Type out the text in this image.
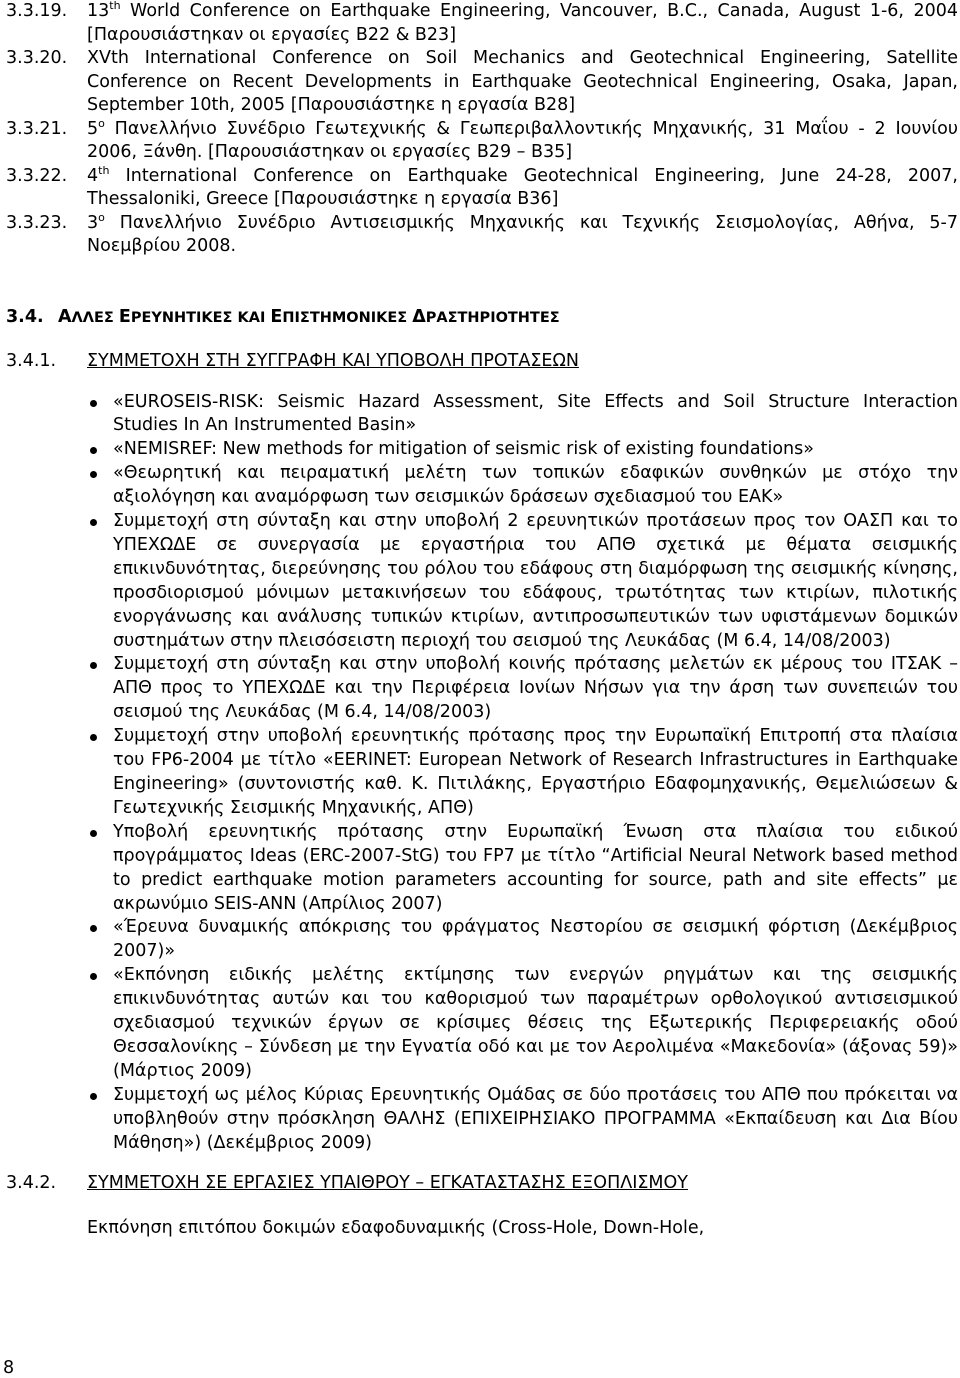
3.3.19. 13th World Conference on Earthquake Engineering, Vancouver, B.C., Canada, August 1-6, 2004 [Παρουσιάστηκαν οι εργασίες Β22 & Β23]
3.3.20. XVth International Conference on Soil Mechanics and Geotechnical Engineering, Satellite Conference on Recent Developments in Earthquake Geotechnical Engineering, Osaka, Japan, September 10th, 2005 [Παρουσιάστηκε η εργασία Β28]
3.3.21. $5^o$ Πανελλήνιο Συνέδριο Γεωτεχνικής & Γεωπεριβαλλοντικής Μηχανικής, 31 Μαΐου - 2 Ιουνίου 2006, Ξάνθη. [Παρουσιάστηκαν οι εργασίες Β29 – Β35]
3.3.22. 4th International Conference on Earthquake Geotechnical Engineering, June 24-28, 2007, Thessaloniki, Greece [Παρουσιάστηκε η εργασία Β36]
3.3.23. $3^o$ Πανελλήνιο Συνέδριο Αντισεισμικής Μηχανικής και Τεχνικής Σεισμολογίας, Αθήνα, 5-7 Νοεμβρίου 2008.
3.4. ΑΛΛΕΣ ΕΡΕΥΝΗΤΙΚΕΣ ΚΑΙ ΕΠΙΣΤΗΜΟΝΙΚΕΣ ΔΡΑΣΤΗΡΙΟΤΗΤΕΣ
3.4.1. ΣΥΜΜΕΤΟΧΗ ΣΤΗ ΣΥΓΓΡΑΦΗ ΚΑΙ ΥΠΟΒΟΛΗ ΠΡΟΤΑΣΕΩΝ
«EUROSEIS-RISK: Seismic Hazard Assessment, Site Effects and Soil Structure Interaction Studies In An Instrumented Basin»
«NEMISREF: New methods for mitigation of seismic risk of existing foundations»
«Θεωρητική και πειραματική μελέτη των τοπικών εδαφικών συνθηκών με στόχο την αξιολόγηση και αναμόρφωση των σεισμικών δράσεων σχεδιασμού του ΕΑΚ»
Συμμετοχή στη σύνταξη και στην υποβολή 2 ερευνητικών προτάσεων προς τον ΟΑΣΠ και το ΥΠΕΧΩΔΕ σε συνεργασία με εργαστήρια του ΑΠΘ σχετικά με θέματα σεισμικής επικινδυνότητας, διερεύνησης του ρόλου του εδάφους στη διαμόρφωση της σεισμικής κίνησης, προσδιορισμού μόνιμων μετακινήσεων του εδάφους, τρωτότητας των κτιρίων, πιλοτικής ενοργάνωσης και ανάλυσης τυπικών κτιρίων, αντιπροσωπευτικών των υφιστάμενων δομικών συστημάτων στην πλεισόσειστη περιοχή του σεισμού της Λευκάδας (Μ 6.4, 14/08/2003)
Συμμετοχή στη σύνταξη και στην υποβολή κοινής πρότασης μελετών εκ μέρους του ΙΤΣΑΚ – ΑΠΘ προς το ΥΠΕΧΩΔΕ και την Περιφέρεια Ιονίων Νήσων για την άρση των συνεπειών του σεισμού της Λευκάδας (Μ 6.4, 14/08/2003)
Συμμετοχή στην υποβολή ερευνητικής πρότασης προς την Ευρωπαϊκή Επιτροπή στα πλαίσια του FP6-2004 με τίτλο «EERINET: European Network of Research Infrastructures in Earthquake Engineering» (συντονιστής καθ. Κ. Πιτιλάκης, Εργαστήριο Εδαφομηχανικής, Θεμελιώσεων & Γεωτεχνικής Σεισμικής Μηχανικής, ΑΠΘ)
Υποβολή ερευνητικής πρότασης στην Ευρωπαϊκή Ένωση στα πλαίσια του ειδικού προγράμματος Ideas (ERC-2007-StG) του FP7 με τίτλο “Artificial Neural Network based method to predict earthquake motion parameters accounting for source, path and site effects” με ακρωνύμιο SEIS-ANN (Απρίλιος 2007)
«Έρευνα δυναμικής απόκρισης του φράγματος Νεστορίου σε σεισμική φόρτιση (Δεκέμβριος 2007)»
«Εκπόνηση ειδικής μελέτης εκτίμησης των ενεργών ρηγμάτων και της σεισμικής επικινδυνότητας αυτών και του καθορισμού των παραμέτρων ορθολογικού αντισεισμικού σχεδιασμού τεχνικών έργων σε κρίσιμες θέσεις της Εξωτερικής Περιφερειακής οδού Θεσσαλονίκης – Σύνδεση με την Εγνατία οδό και με τον Αερολιμένα «Μακεδονία» (άξονας 59)» (Μάρτιος 2009)
Συμμετοχή ως μέλος Κύριας Ερευνητικής Ομάδας σε δύο προτάσεις του ΑΠΘ που πρόκειται να υποβληθούν στην πρόσκληση ΘΑΛΗΣ (ΕΠΙΧΕΙΡΗΣΙΑΚΟ ΠΡΟΓΡΑΜΜΑ «Εκπαίδευση και Δια Βίου Μάθηση») (Δεκέμβριος 2009)
3.4.2. ΣΥΜΜΕΤΟΧΗ ΣΕ ΕΡΓΑΣΙΕΣ ΥΠΑΙΘΡΟΥ – ΕΓΚΑΤΑΣΤΑΣΗΣ ΕΞΟΠΛΙΣΜΟΥ
Εκπόνηση επιτόπου δοκιμών εδαφοδυναμικής (Cross-Hole, Down-Hole,
8
